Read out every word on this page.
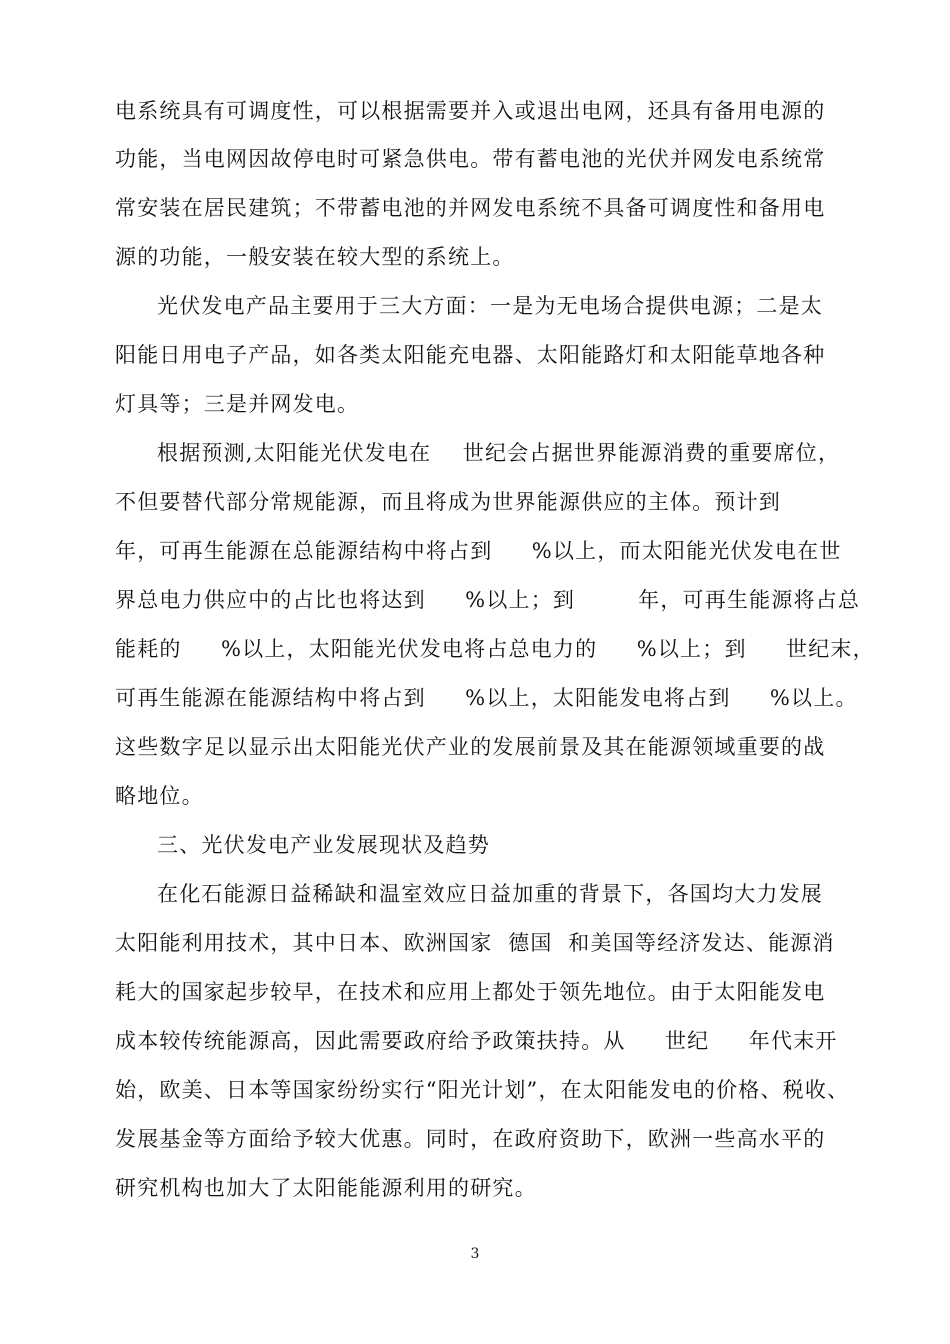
电系统具有可调度性，可以根据需要并入或退出电网，还具有备用电源的
功能，当电网因故停电时可紧急供电。带有蓄电池的光伏并网发电系统常
常安装在居民建筑；不带蓄电池的并网发电系统不具备可调度性和备用电
源的功能，一般安装在较大型的系统上。
光伏发电产品主要用于三大方面：一是为无电场合提供电源；二是太
阳能日用电子产品，如各类太阳能充电器、太阳能路灯和太阳能草地各种
灯具等；三是并网发电。
根据预测,太阳能光伏发电在    世纪会占据世界能源消费的重要席位，
不但要替代部分常规能源，而且将成为世界能源供应的主体。预计到
年，可再生能源在总能源结构中将占到     %以上，而太阳能光伏发电在世
界总电力供应中的占比也将达到     %以上；到        年，可再生能源将占总
能耗的     %以上，太阳能光伏发电将占总电力的     %以上；到     世纪末，
可再生能源在能源结构中将占到     %以上，太阳能发电将占到     %以上。
这些数字足以显示出太阳能光伏产业的发展前景及其在能源领域重要的战
略地位。
三、光伏发电产业发展现状及趋势
在化石能源日益稀缺和温室效应日益加重的背景下，各国均大力发展
太阳能利用技术，其中日本、欧洲国家  德国  和美国等经济发达、能源消
耗大的国家起步较早，在技术和应用上都处于领先地位。由于太阳能发电
成本较传统能源高，因此需要政府给予政策扶持。从     世纪     年代末开
始，欧美、日本等国家纷纷实行“阳光计划”，在太阳能发电的价格、税收、
发展基金等方面给予较大优惠。同时，在政府资助下，欧洲一些高水平的
研究机构也加大了太阳能能源利用的研究。
3
